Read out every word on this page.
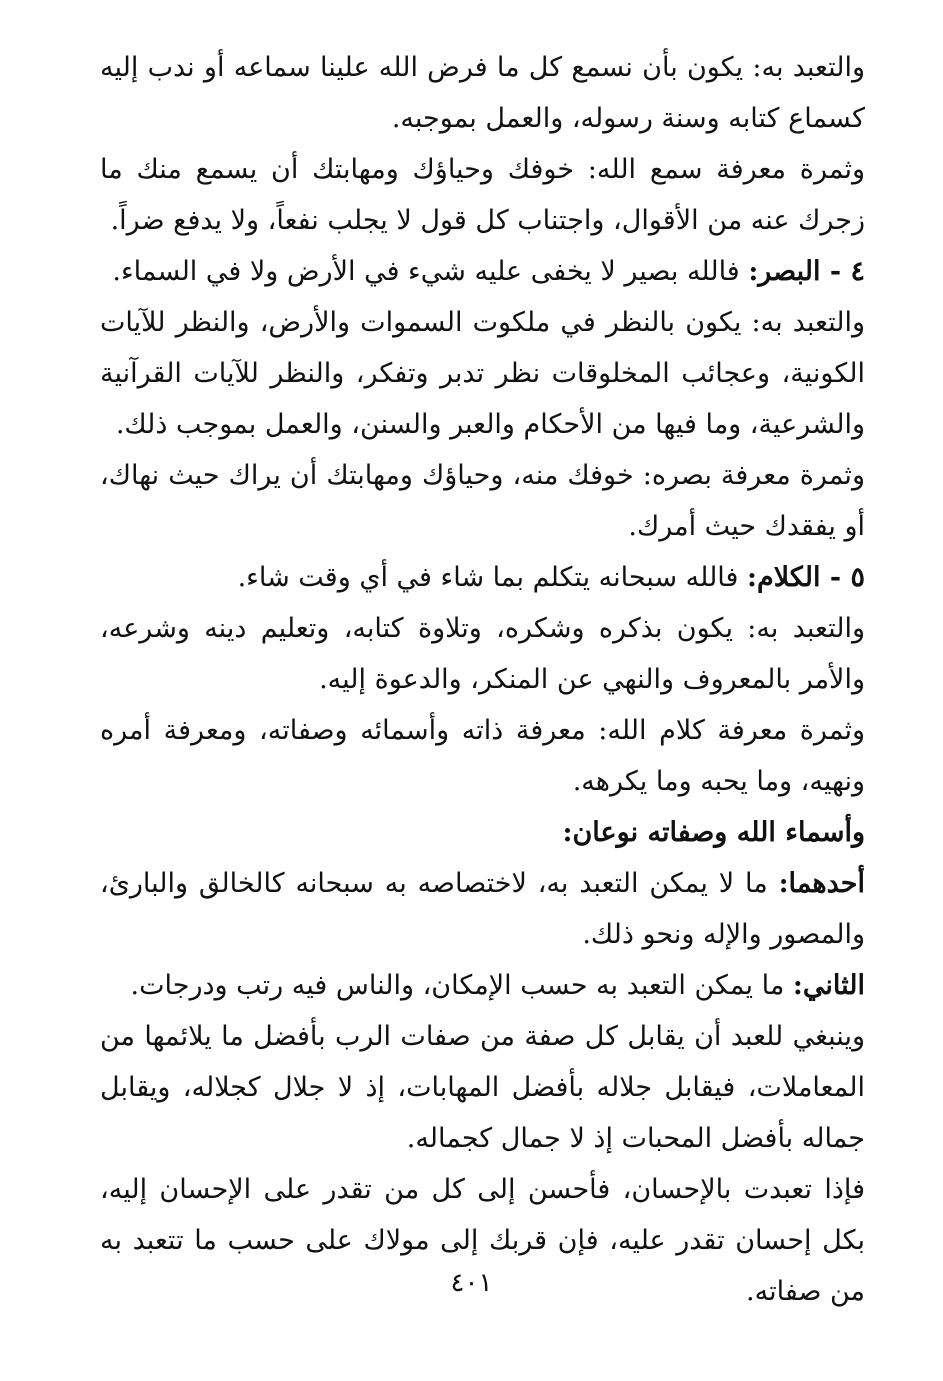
والتعبد به: يكون بأن نسمع كل ما فرض الله علينا سماعه أو ندب إليه كسماع كتابه وسنة رسوله، والعمل بموجبه.

وثمرة معرفة سمع الله: خوفك وحياؤك ومهابتك أن يسمع منك ما زجرك عنه من الأقوال، واجتناب كل قول لا يجلب نفعاً، ولا يدفع ضراً.

٤ - البصر: فالله بصير لا يخفى عليه شيء في الأرض ولا في السماء.

والتعبد به: يكون بالنظر في ملكوت السموات والأرض، والنظر للآيات الكونية، وعجائب المخلوقات نظر تدبر وتفكر، والنظر للآيات القرآنية والشرعية، وما فيها من الأحكام والعبر والسنن، والعمل بموجب ذلك.

وثمرة معرفة بصره: خوفك منه، وحياؤك ومهابتك أن يراك حيث نهاك، أو يفقدك حيث أمرك.

٥ - الكلام: فالله سبحانه يتكلم بما شاء في أي وقت شاء.

والتعبد به: يكون بذكره وشكره، وتلاوة كتابه، وتعليم دينه وشرعه، والأمر بالمعروف والنهي عن المنكر، والدعوة إليه.

وثمرة معرفة كلام الله: معرفة ذاته وأسمائه وصفاته، ومعرفة أمره ونهيه، وما يحبه وما يكرهه.

وأسماء الله وصفاته نوعان:

أحدهما: ما لا يمكن التعبد به، لاختصاصه به سبحانه كالخالق والبارئ، والمصور والإله ونحو ذلك.

الثاني: ما يمكن التعبد به حسب الإمكان، والناس فيه رتب ودرجات.

وينبغي للعبد أن يقابل كل صفة من صفات الرب بأفضل ما يلائمها من المعاملات، فيقابل جلاله بأفضل المهابات، إذ لا جلال كجلاله، ويقابل جماله بأفضل المحبات إذ لا جمال كجماله.

فإذا تعبدت بالإحسان، فأحسن إلى كل من تقدر على الإحسان إليه، بكل إحسان تقدر عليه، فإن قربك إلى مولاك على حسب ما تتعبد به من صفاته.

٤٠١
